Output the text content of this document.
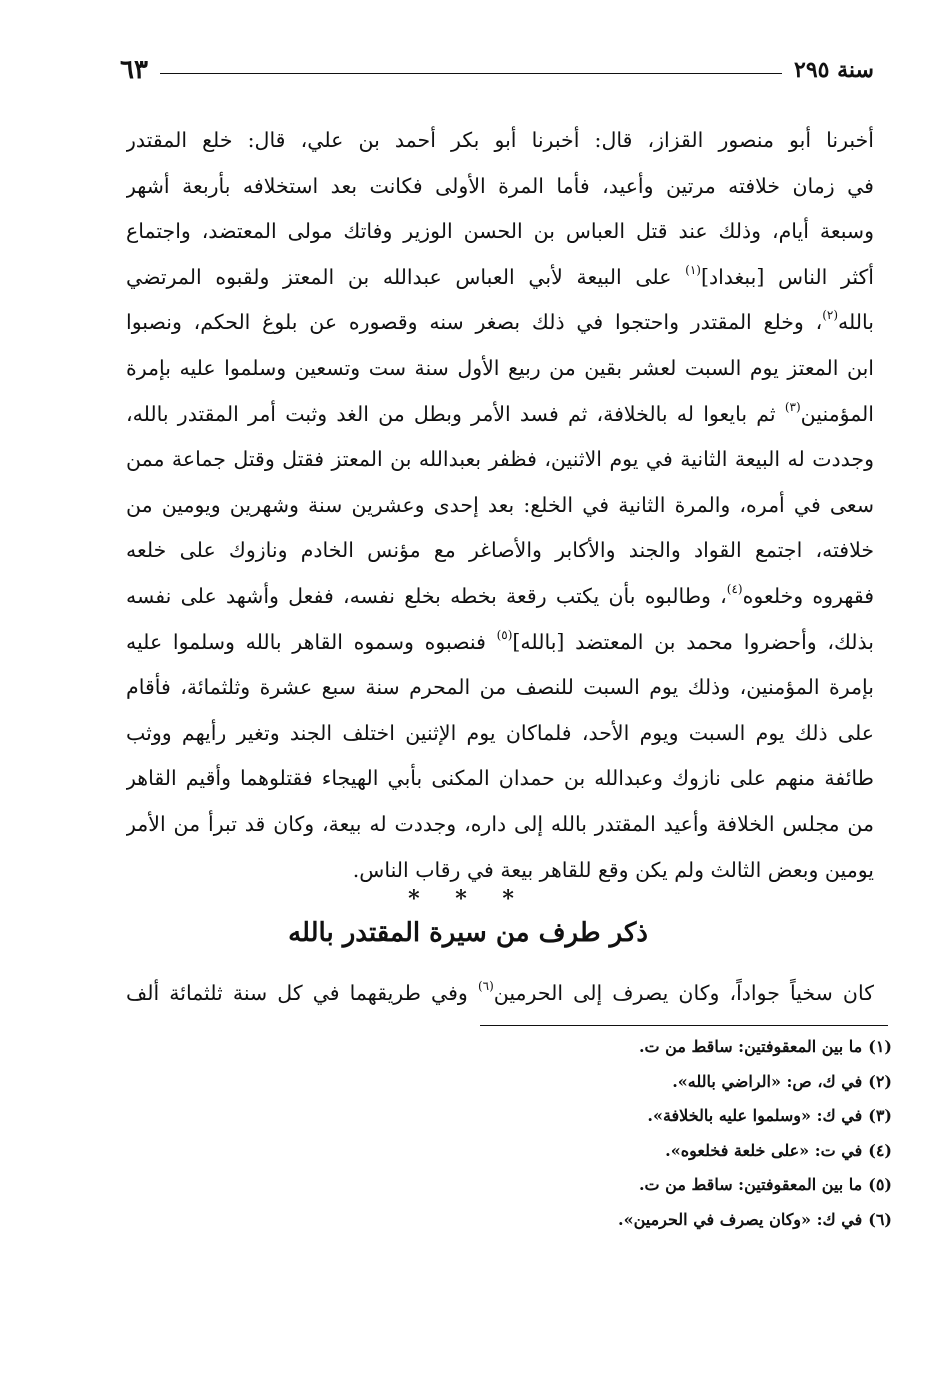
سنة ٢٩٥
٦٣
أخبرنا أبو منصور القزاز، قال: أخبرنا أبو بكر أحمد بن علي، قال: خلع المقتدر
في زمان خلافته مرتين وأعيد، فأما المرة الأولى فكانت بعد استخلافه بأربعة أشهر
وسبعة أيام، وذلك عند قتل العباس بن الحسن الوزير وفاتك مولى المعتضد، واجتماع
أكثر الناس [ببغداد]$^{(١)}$ على البيعة لأبي العباس عبدالله بن المعتز ولقبوه المرتضي
بالله$^{(٢)}$، وخلع المقتدر واحتجوا في ذلك بصغر سنه وقصوره عن بلوغ الحكم، ونصبوا
ابن المعتز يوم السبت لعشر بقين من ربيع الأول سنة ست وتسعين وسلموا عليه بإمرة
المؤمنين$^{(٣)}$ ثم بايعوا له بالخلافة، ثم فسد الأمر وبطل من الغد وثبت أمر المقتدر بالله،
وجددت له البيعة الثانية في يوم الاثنين، فظفر بعبدالله بن المعتز فقتل وقتل جماعة ممن
سعى في أمره، والمرة الثانية في الخلع: بعد إحدى وعشرين سنة وشهرين ويومين من
خلافته، اجتمع القواد والجند والأكابر والأصاغر مع مؤنس الخادم ونازوك على خلعه
فقهروه وخلعوه$^{(٤)}$، وطالبوه بأن يكتب رقعة بخطه بخلع نفسه، ففعل وأشهد على نفسه
بذلك، وأحضروا محمد بن المعتضد [بالله]$^{(٥)}$ فنصبوه وسموه القاهر بالله وسلموا عليه
بإمرة المؤمنين، وذلك يوم السبت للنصف من المحرم سنة سبع عشرة وثلثمائة، فأقام
على ذلك يوم السبت ويوم الأحد، فلماكان يوم الإثنين اختلف الجند وتغير رأيهم ووثب
طائفة منهم على نازوك وعبدالله بن حمدان المكنى بأبي الهيجاء فقتلوهما وأقيم القاهر
من مجلس الخلافة وأعيد المقتدر بالله إلى داره، وجددت له بيعة، وكان قد تبرأ من الأمر
يومين وبعض الثالث ولم يكن وقع للقاهر بيعة في رقاب الناس.
* * *
ذكر طرف من سيرة المقتدر بالله
كان سخياً جواداً، وكان يصرف إلى الحرمين$^{(٦)}$ وفي طريقهما في كل سنة ثلثمائة ألف
(١)ما بين المعقوفتين: ساقط من ت.
(٢)في ك، ص: «الراضي بالله».
(٣)في ك: «وسلموا عليه بالخلافة».
(٤)في ت: «على خلعة فخلعوه».
(٥)ما بين المعقوفتين: ساقط من ت.
(٦)في ك: «وكان يصرف في الحرمين».
